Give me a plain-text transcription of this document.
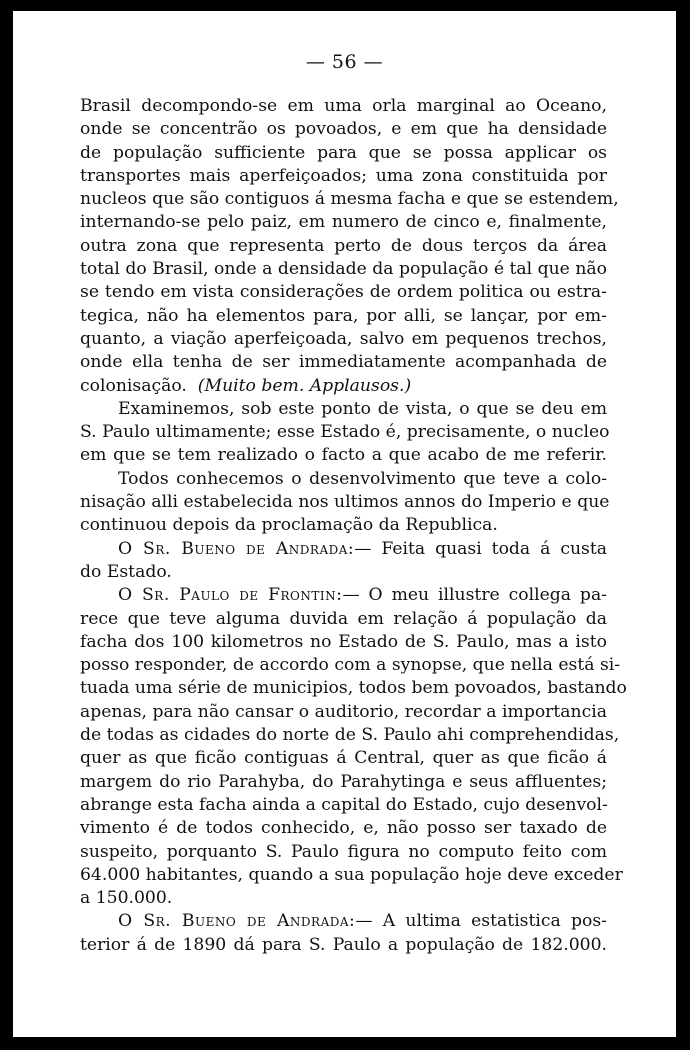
— 56 —
Brasil decompondo-se em uma orla marginal ao Oceano,
onde se concentrão os povoados, e em que ha densidade
de população sufficiente para que se possa applicar os
transportes mais aperfeiçoados; uma zona constituida por
nucleos que são contiguos á mesma facha e que se estendem,
internando-se pelo paiz, em numero de cinco e, finalmente,
outra zona que representa perto de dous terços da área
total do Brasil, onde a densidade da população é tal que não
se tendo em vista considerações de ordem politica ou estra-
tegica, não ha elementos para, por alli, se lançar, por em-
quanto, a viação aperfeiçoada, salvo em pequenos trechos,
onde ella tenha de ser immediatamente acompanhada de
colonisação. (Muito bem. Applausos.)
Examinemos, sob este ponto de vista, o que se deu em
S. Paulo ultimamente; esse Estado é, precisamente, o nucleo
em que se tem realizado o facto a que acabo de me referir.
Todos conhecemos o desenvolvimento que teve a colo-
nisação alli estabelecida nos ultimos annos do Imperio e que
continuou depois da proclamação da Republica.
O Sr. Bueno de Andrada:— Feita quasi toda á custa
do Estado.
O Sr. Paulo de Frontin:— O meu illustre collega pa-
rece que teve alguma duvida em relação á população da
facha dos 100 kilometros no Estado de S. Paulo, mas a isto
posso responder, de accordo com a synopse, que nella está si-
tuada uma série de municipios, todos bem povoados, bastando
apenas, para não cansar o auditorio, recordar a importancia
de todas as cidades do norte de S. Paulo ahi comprehendidas,
quer as que ficão contiguas á Central, quer as que ficão á
margem do rio Parahyba, do Parahytinga e seus affluentes;
abrange esta facha ainda a capital do Estado, cujo desenvol-
vimento é de todos conhecido, e, não posso ser taxado de
suspeito, porquanto S. Paulo figura no computo feito com
64.000 habitantes, quando a sua população hoje deve exceder
a 150.000.
O Sr. Bueno de Andrada:— A ultima estatistica pos-
terior á de 1890 dá para S. Paulo a população de 182.000.
